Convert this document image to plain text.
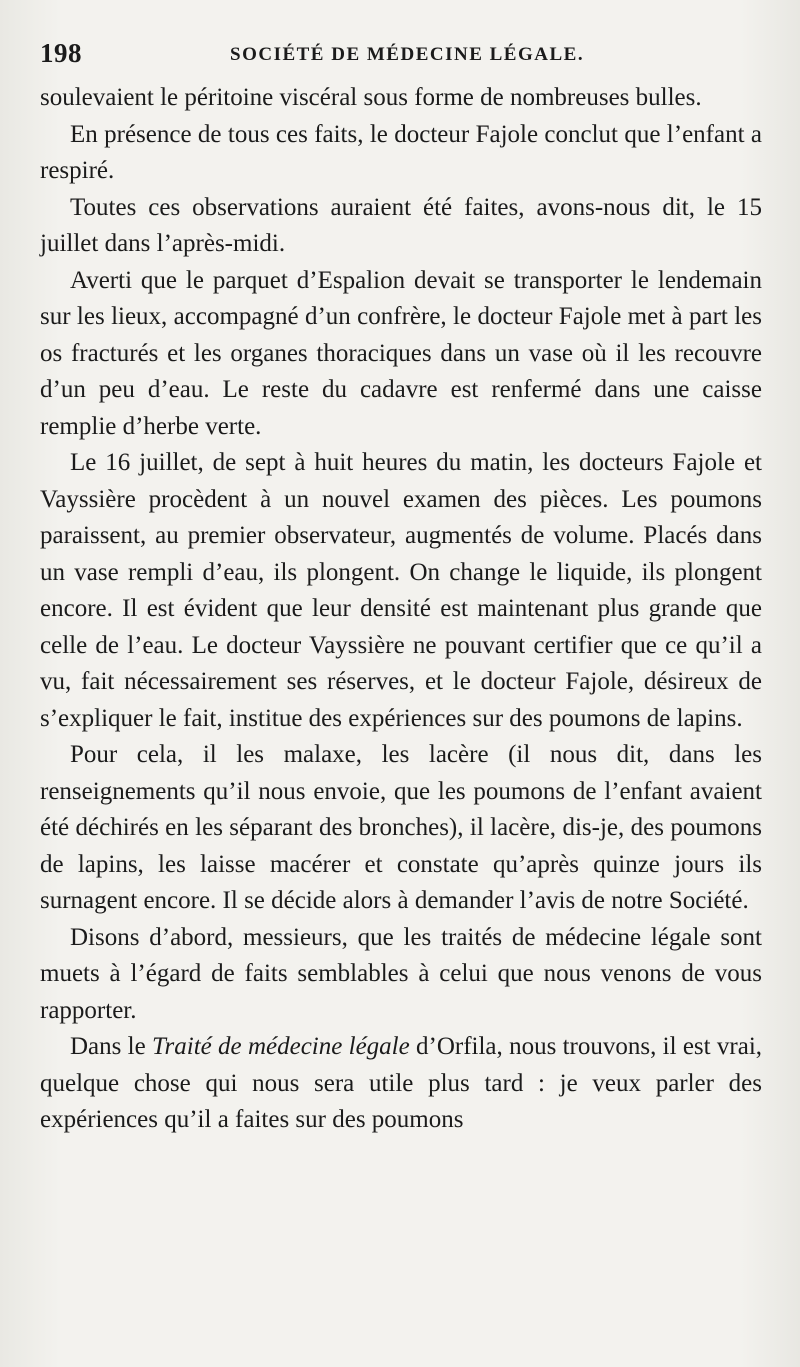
198	SOCIÉTÉ DE MÉDECINE LÉGALE.

soulevaient le péritoine viscéral sous forme de nombreuses bulles.

En présence de tous ces faits, le docteur Fajole conclut que l’enfant a respiré.

Toutes ces observations auraient été faites, avons-nous dit, le 15 juillet dans l’après-midi.

Averti que le parquet d’Espalion devait se transporter le lendemain sur les lieux, accompagné d’un confrère, le docteur Fajole met à part les os fracturés et les organes thoraciques dans un vase où il les recouvre d’un peu d’eau. Le reste du cadavre est renfermé dans une caisse remplie d’herbe verte.

Le 16 juillet, de sept à huit heures du matin, les docteurs Fajole et Vayssière procèdent à un nouvel examen des pièces. Les poumons paraissent, au premier observateur, augmentés de volume. Placés dans un vase rempli d’eau, ils plongent. On change le liquide, ils plongent encore. Il est évident que leur densité est maintenant plus grande que celle de l’eau. Le docteur Vayssière ne pouvant certifier que ce qu’il a vu, fait nécessairement ses réserves, et le docteur Fajole, désireux de s’expliquer le fait, institue des expériences sur des poumons de lapins.

Pour cela, il les malaxe, les lacère (il nous dit, dans les renseignements qu’il nous envoie, que les poumons de l’enfant avaient été déchirés en les séparant des bronches), il lacère, dis-je, des poumons de lapins, les laisse macérer et constate qu’après quinze jours ils surnagent encore. Il se décide alors à demander l’avis de notre Société.

Disons d’abord, messieurs, que les traités de médecine légale sont muets à l’égard de faits semblables à celui que nous venons de vous rapporter.

Dans le Traité de médecine légale d’Orfila, nous trouvons, il est vrai, quelque chose qui nous sera utile plus tard : je veux parler des expériences qu’il a faites sur des poumons
